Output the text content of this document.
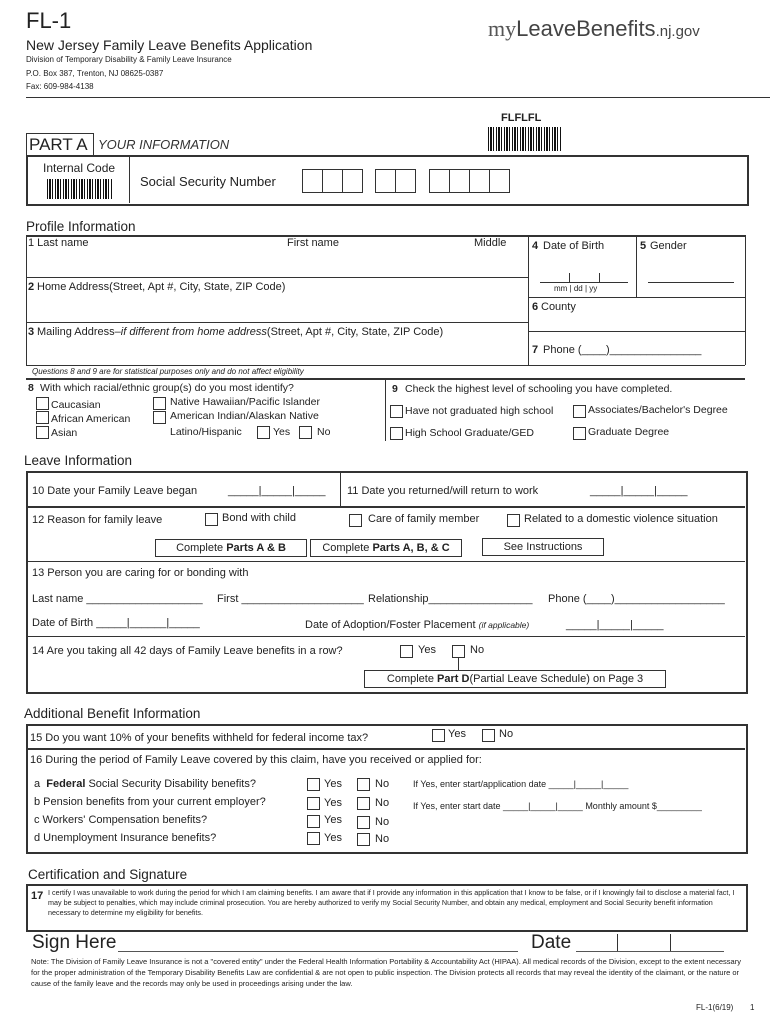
FL-1	myLeaveBenefits.nj.gov
New Jersey Family Leave Benefits Application
Division of Temporary Disability & Family Leave Insurance
P.O. Box 387, Trenton, NJ 08625-0387
Fax: 609-984-4138
FLFLFL
PART A YOUR INFORMATION
Internal Code
Social Security Number
Profile Information
1 Last name	First name	Middle 4 Date of Birth	5 Gender
mm | dd | yy
2 Home Address(Street, Apt #, City, State, ZIP Code)
6 County
3 Mailing Address–if different from home address(Street, Apt #, City, State, ZIP Code)
7 Phone (____)_______________
Questions 8 and 9 are for statistical purposes only and do not affect eligibility
8 With which racial/ethnic group(s) do you most identify?
Caucasian
African American
Asian
Native Hawaiian/Pacific Islander
American Indian/Alaskan Native
Latino/Hispanic	Yes	No
9 Check the highest level of schooling you have completed.
Have not graduated high school	Associates/Bachelor's Degree
High School Graduate/GED	Graduate Degree
Leave Information
10 Date your Family Leave began	_____|_____|_____ 11 Date you returned/will return to work	_____|_____|_____
12 Reason for family leave	Bond with child	Care of family member	Related to a domestic violence situation
Complete Parts A & B	Complete Parts A, B, & C	See Instructions
13 Person you are caring for or bonding with
Last name ___________________ First ____________________ Relationship_________________ Phone (____)__________________
Date of Birth _____|______|_____	Date of Adoption/Foster Placement (if applicable)	_____|_____|_____
14 Are you taking all 42 days of Family Leave benefits in a row?	Yes	No
Complete Part D(Partial Leave Schedule) on Page 3
Additional Benefit Information
15 Do you want 10% of your benefits withheld for federal income tax?	Yes	No
16 During the period of Family Leave covered by this claim, have you received or applied for:
a Federal Social Security Disability benefits?	Yes	No	If Yes, enter start/application date _____|_____|_____
b Pension benefits from your current employer?	Yes	No	If Yes, enter start date _____|_____|_____ Monthly amount $_________
c Workers' Compensation benefits?	Yes	No
d Unemployment Insurance benefits?	Yes	No
Certification and Signature
17 I certify I was unavailable to work during the period for which I am claiming benefits. I am aware that if I provide any information in this application that I know to be false, or if I knowingly fail to disclose a material fact, I may be subject to penalties, which may include criminal prosecution. You are hereby authorized to verify my Social Security Number, and obtain any medical, employment and Social Security benefit information necessary to determine my eligibility for benefits.
Sign Here	Date
Note: The Division of Family Leave Insurance is not a "covered entity" under the Federal Health Information Portability & Accountability Act (HIPAA). All medical records of the Division, except to the extent necessary for the proper administration of the Temporary Disability Benefits Law are confidential & are not open to public inspection. The Division protects all records that may reveal the identity of the claimant, or the nature or cause of the family leave and the records may only be used in proceedings arising under the law.
FL-1(6/19) 1
